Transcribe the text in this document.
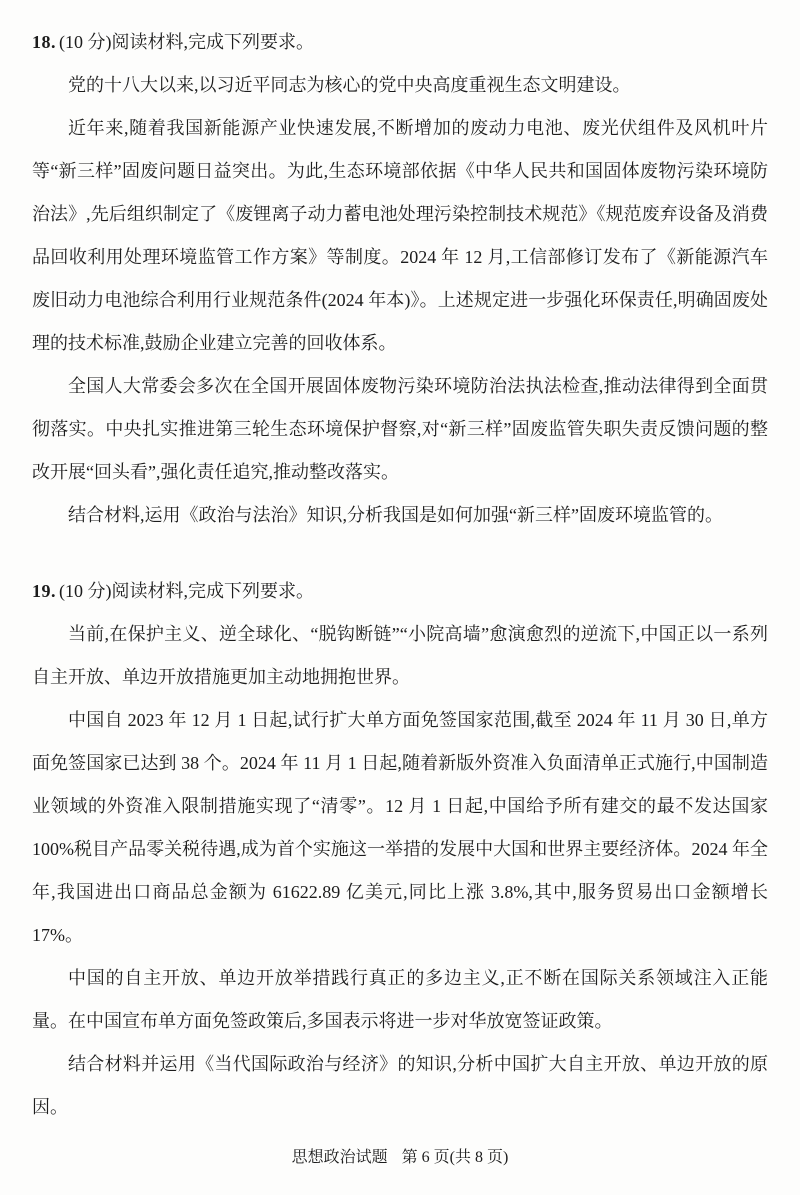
18. (10 分)阅读材料,完成下列要求。

党的十八大以来,以习近平同志为核心的党中央高度重视生态文明建设。

近年来,随着我国新能源产业快速发展,不断增加的废动力电池、废光伏组件及风机叶片等“新三样”固废问题日益突出。为此,生态环境部依据《中华人民共和国固体废物污染环境防治法》,先后组织制定了《废锂离子动力蓄电池处理污染控制技术规范》《规范废弃设备及消费品回收利用处理环境监管工作方案》等制度。2024 年 12 月,工信部修订发布了《新能源汽车废旧动力电池综合利用行业规范条件(2024 年本)》。上述规定进一步强化环保责任,明确固废处理的技术标准,鼓励企业建立完善的回收体系。

全国人大常委会多次在全国开展固体废物污染环境防治法执法检查,推动法律得到全面贯彻落实。中央扎实推进第三轮生态环境保护督察,对“新三样”固废监管失职失责反馈问题的整改开展“回头看”,强化责任追究,推动整改落实。

结合材料,运用《政治与法治》知识,分析我国是如何加强“新三样”固废环境监管的。

19. (10 分)阅读材料,完成下列要求。

当前,在保护主义、逆全球化、“脱钩断链”“小院高墙”愈演愈烈的逆流下,中国正以一系列自主开放、单边开放措施更加主动地拥抱世界。

中国自 2023 年 12 月 1 日起,试行扩大单方面免签国家范围,截至 2024 年 11 月 30 日,单方面免签国家已达到 38 个。2024 年 11 月 1 日起,随着新版外资准入负面清单正式施行,中国制造业领域的外资准入限制措施实现了“清零”。12 月 1 日起,中国给予所有建交的最不发达国家 100%税目产品零关税待遇,成为首个实施这一举措的发展中大国和世界主要经济体。2024 年全年,我国进出口商品总金额为 61622.89 亿美元,同比上涨 3.8%,其中,服务贸易出口金额增长 17%。

中国的自主开放、单边开放举措践行真正的多边主义,正不断在国际关系领域注入正能量。在中国宣布单方面免签政策后,多国表示将进一步对华放宽签证政策。

结合材料并运用《当代国际政治与经济》的知识,分析中国扩大自主开放、单边开放的原因。

思想政治试题 第 6 页(共 8 页)
